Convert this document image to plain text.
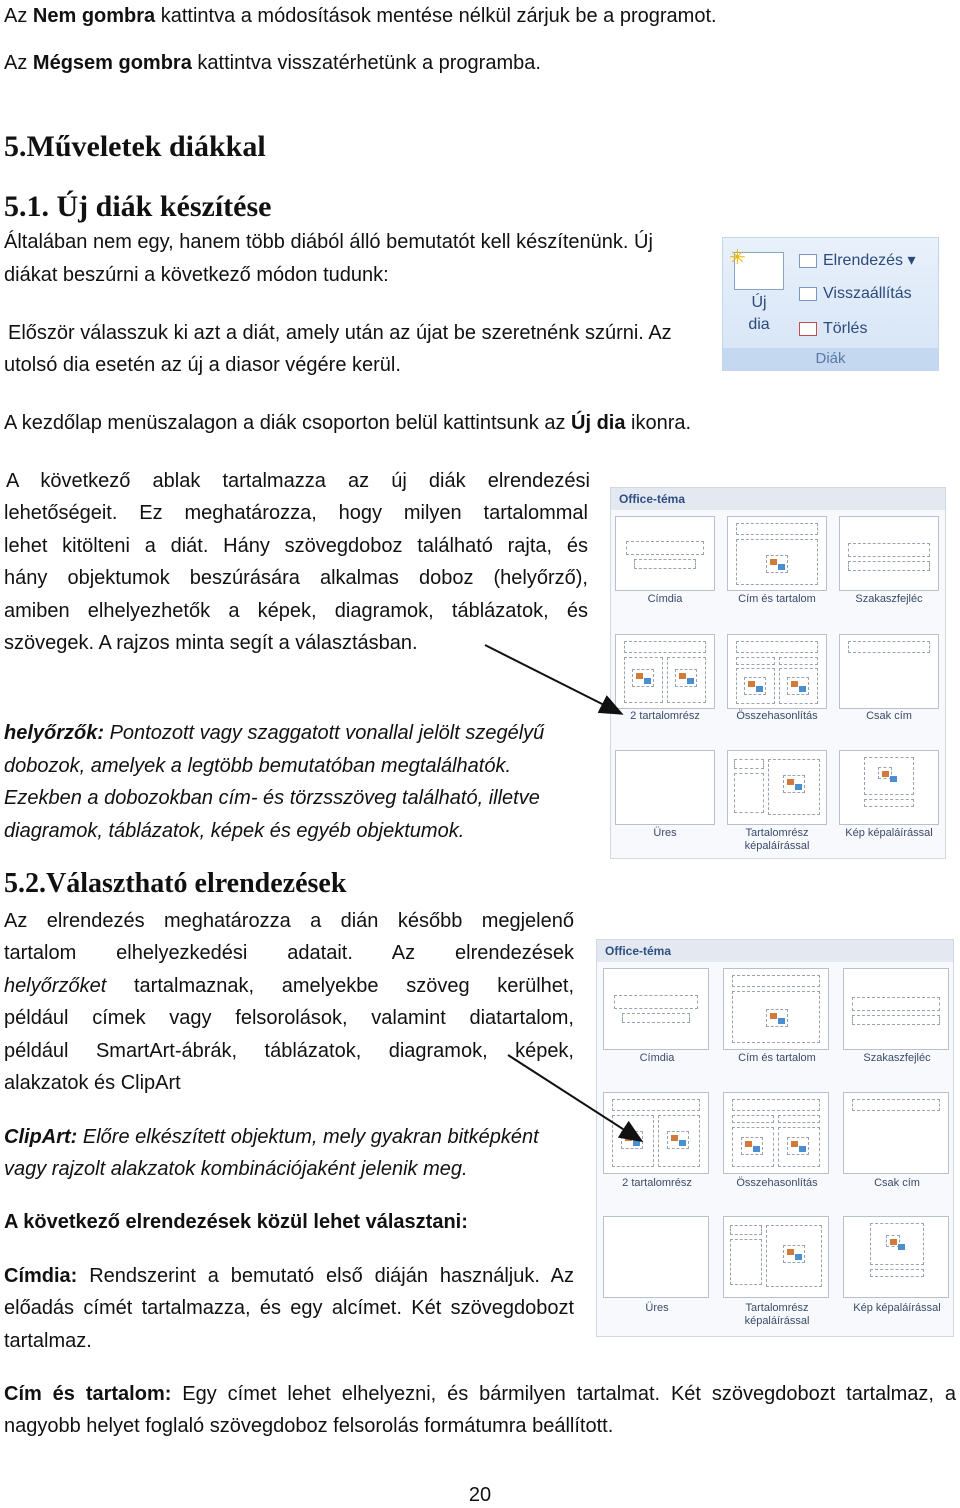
Az Nem gombra kattintva a módosítások mentése nélkül zárjuk be a programot.
Az Mégsem gombra kattintva visszatérhetünk a programba.
5.Műveletek diákkal
5.1. Új diák készítése
Általában nem egy, hanem több diából álló bemutatót kell készítenünk. Új
diákat beszúrni a következő módon tudunk:
Először válasszuk ki azt a diát, amely után az újat be szeretnénk szúrni. Az
utolsó dia esetén az új a diasor végére kerül.
✳
Új
dia
Elrendezés ▾
Visszaállítás
Törlés
Diák
A kezdőlap menüszalagon a diák csoporton belül kattintsunk az Új dia ikonra.
A következő ablak tartalmazza az új diák elrendezési
lehetőségeit. Ez meghatározza, hogy milyen tartalommal
lehet kitölteni a diát. Hány szövegdoboz található rajta, és
hány objektumok beszúrására alkalmas doboz (helyőrző),
amiben elhelyezhetők a képek, diagramok, táblázatok, és
szövegek. A rajzos minta segít a választásban.
helyőrzők: Pontozott vagy szaggatott vonallal jelölt szegélyű
dobozok, amelyek a legtöbb bemutatóban megtalálhatók.
Ezekben a dobozokban cím- és törzsszöveg található, illetve
diagramok, táblázatok, képek és egyéb objektumok.
Office-téma
Címdia	Cím és tartalom	Szakaszfejléc
2 tartalomrész	Összehasonlítás	Csak cím
Üres	Tartalomrész
képaláírással
Kép képaláírással
5.2.Választható elrendezések
Az elrendezés meghatározza a dián később megjelenő
tartalom elhelyezkedési adatait. Az elrendezések
helyőrzőket tartalmaznak, amelyekbe szöveg kerülhet,
például címek vagy felsorolások, valamint diatartalom,
például SmartArt-ábrák, táblázatok, diagramok, képek,
alakzatok és ClipArt
ClipArt: Előre elkészített objektum, mely gyakran bitképként
vagy rajzolt alakzatok kombinációjaként jelenik meg.
A következő elrendezések közül lehet választani:
Címdia: Rendszerint a bemutató első diáján használjuk. Az
előadás címét tartalmazza, és egy alcímet. Két szövegdobozt
tartalmaz.
Office-téma
Címdia	Cím és tartalom	Szakaszfejléc
2 tartalomrész	Összehasonlítás	Csak cím
Üres	Tartalomrész
képaláírással
Kép képaláírással
Cím és tartalom: Egy címet lehet elhelyezni, és bármilyen tartalmat. Két szövegdobozt tartalmaz, a
nagyobb helyet foglaló szövegdoboz felsorolás formátumra beállított.
20
